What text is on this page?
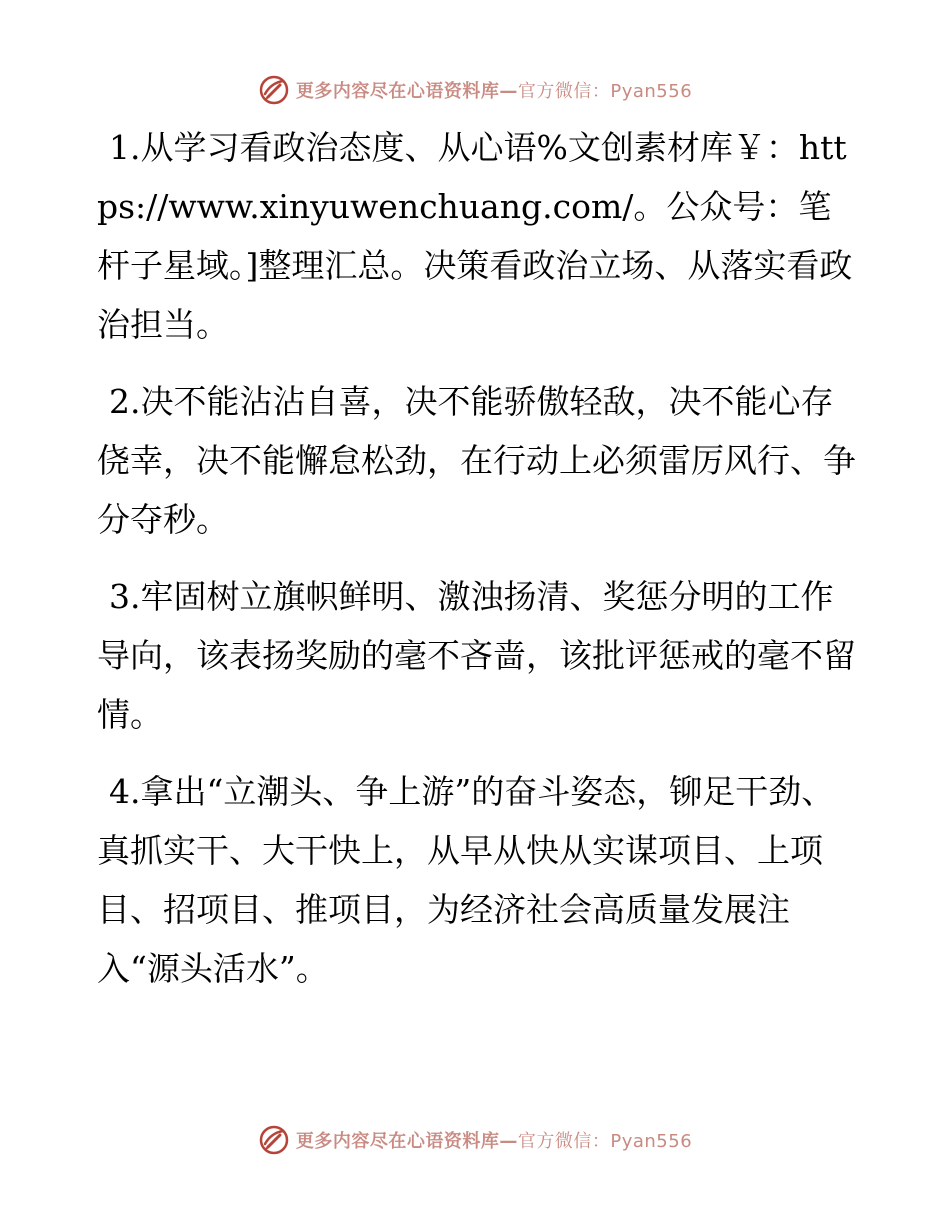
更多内容尽在心语资料库—官方微信：Pyan556

1.从学习看政治态度、从心语%文创素材库￥：https://www.xinyuwenchuang.com/。公众号：笔杆子星域。]整理汇总。决策看政治立场、从落实看政治担当。

2.决不能沾沾自喜，决不能骄傲轻敌，决不能心存侥幸，决不能懈怠松劲，在行动上必须雷厉风行、争分夺秒。

3.牢固树立旗帜鲜明、激浊扬清、奖惩分明的工作导向，该表扬奖励的毫不吝啬，该批评惩戒的毫不留情。

4.拿出“立潮头、争上游”的奋斗姿态，铆足干劲、真抓实干、大干快上，从早从快从实谋项目、上项目、招项目、推项目，为经济社会高质量发展注入“源头活水”。

更多内容尽在心语资料库—官方微信：Pyan556
